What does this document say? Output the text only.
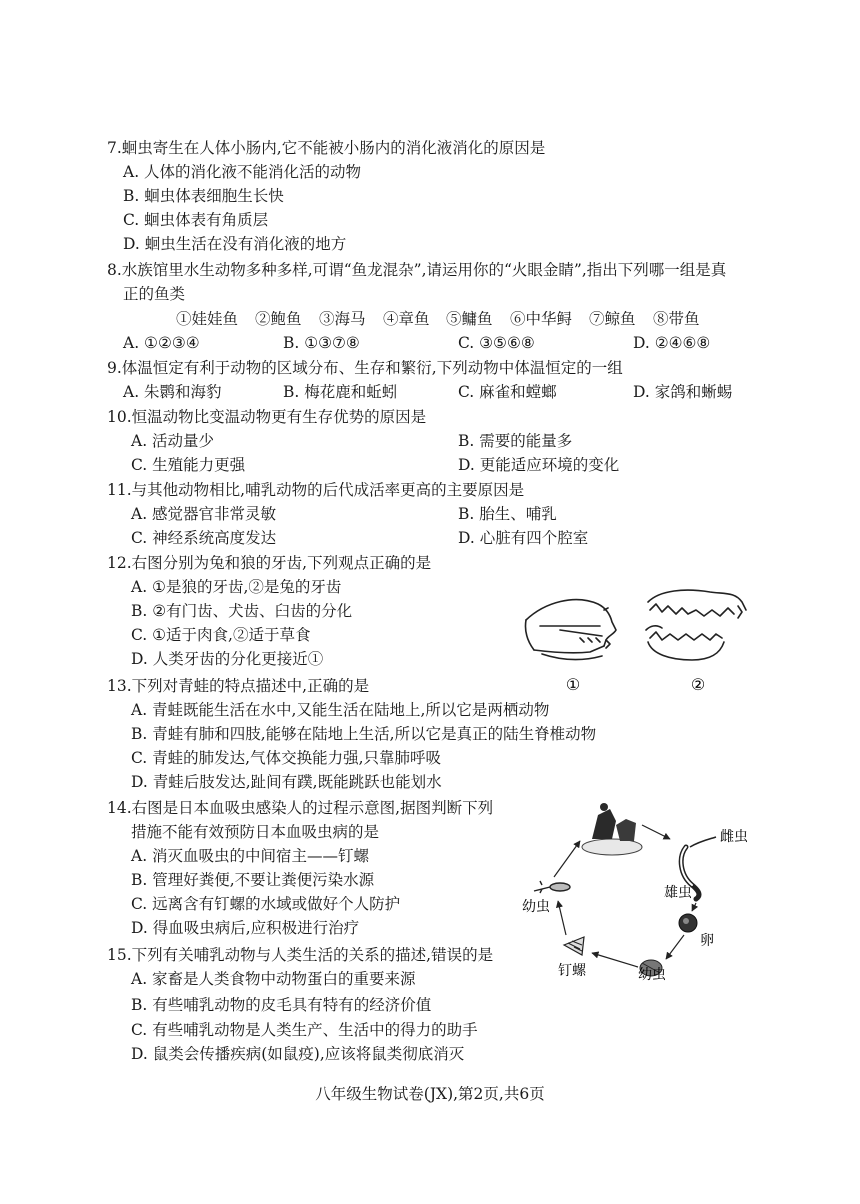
7.蛔虫寄生在人体小肠内,它不能被小肠内的消化液消化的原因是
A. 人体的消化液不能消化活的动物
B. 蛔虫体表细胞生长快
C. 蛔虫体表有角质层
D. 蛔虫生活在没有消化液的地方
8.水族馆里水生动物多种多样,可谓“鱼龙混杂”,请运用你的“火眼金睛”,指出下列哪一组是真
正的鱼类
①娃娃鱼 ②鲍鱼 ③海马 ④章鱼 ⑤鳙鱼 ⑥中华鲟 ⑦鲸鱼 ⑧带鱼
A. ①②③④	B. ①③⑦⑧	C. ③⑤⑥⑧	D. ②④⑥⑧
9.体温恒定有利于动物的区域分布、生存和繁衍,下列动物中体温恒定的一组
A. 朱鹮和海豹	B. 梅花鹿和蚯蚓	C. 麻雀和螳螂	D. 家鸽和蜥蜴
10.恒温动物比变温动物更有生存优势的原因是
A. 活动量少	B. 需要的能量多
C. 生殖能力更强	D. 更能适应环境的变化
11.与其他动物相比,哺乳动物的后代成活率更高的主要原因是
A. 感觉器官非常灵敏	B. 胎生、哺乳
C. 神经系统高度发达	D. 心脏有四个腔室
12.右图分别为兔和狼的牙齿,下列观点正确的是
A. ①是狼的牙齿,②是兔的牙齿
B. ②有门齿、犬齿、臼齿的分化
C. ①适于肉食,②适于草食
D. 人类牙齿的分化更接近①
①	②
13.下列对青蛙的特点描述中,正确的是
A. 青蛙既能生活在水中,又能生活在陆地上,所以它是两栖动物
B. 青蛙有肺和四肢,能够在陆地上生活,所以它是真正的陆生脊椎动物
C. 青蛙的肺发达,气体交换能力强,只靠肺呼吸
D. 青蛙后肢发达,趾间有蹼,既能跳跃也能划水
14.右图是日本血吸虫感染人的过程示意图,据图判断下列
措施不能有效预防日本血吸虫病的是
A. 消灭血吸虫的中间宿主——钉螺
B. 管理好粪便,不要让粪便污染水源
C. 远离含有钉螺的水域或做好个人防护
D. 得血吸虫病后,应积极进行治疗
雌虫
雄虫
卵
幼虫
钉螺
幼虫
15.下列有关哺乳动物与人类生活的关系的描述,错误的是
A. 家畜是人类食物中动物蛋白的重要来源
B. 有些哺乳动物的皮毛具有特有的经济价值
C. 有些哺乳动物是人类生产、生活中的得力的助手
D. 鼠类会传播疾病(如鼠疫),应该将鼠类彻底消灭
八年级生物试卷(JX),第2页,共6页
